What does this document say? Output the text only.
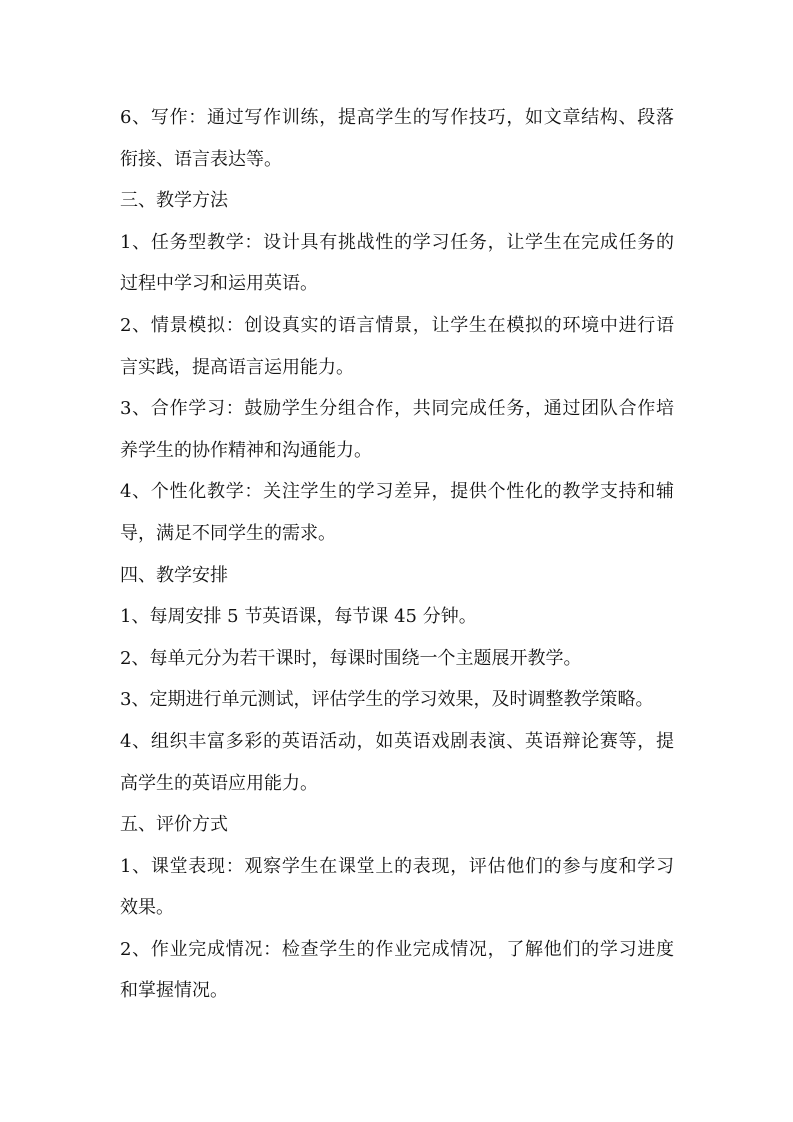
6、写作：通过写作训练，提高学生的写作技巧，如文章结构、段落
衔接、语言表达等。
三、教学方法
1、任务型教学：设计具有挑战性的学习任务，让学生在完成任务的
过程中学习和运用英语。
2、情景模拟：创设真实的语言情景，让学生在模拟的环境中进行语
言实践，提高语言运用能力。
3、合作学习：鼓励学生分组合作，共同完成任务，通过团队合作培
养学生的协作精神和沟通能力。
4、个性化教学：关注学生的学习差异，提供个性化的教学支持和辅
导，满足不同学生的需求。
四、教学安排
1、每周安排 5 节英语课，每节课 45 分钟。
2、每单元分为若干课时，每课时围绕一个主题展开教学。
3、定期进行单元测试，评估学生的学习效果，及时调整教学策略。
4、组织丰富多彩的英语活动，如英语戏剧表演、英语辩论赛等，提
高学生的英语应用能力。
五、评价方式
1、课堂表现：观察学生在课堂上的表现，评估他们的参与度和学习
效果。
2、作业完成情况：检查学生的作业完成情况，了解他们的学习进度
和掌握情况。
